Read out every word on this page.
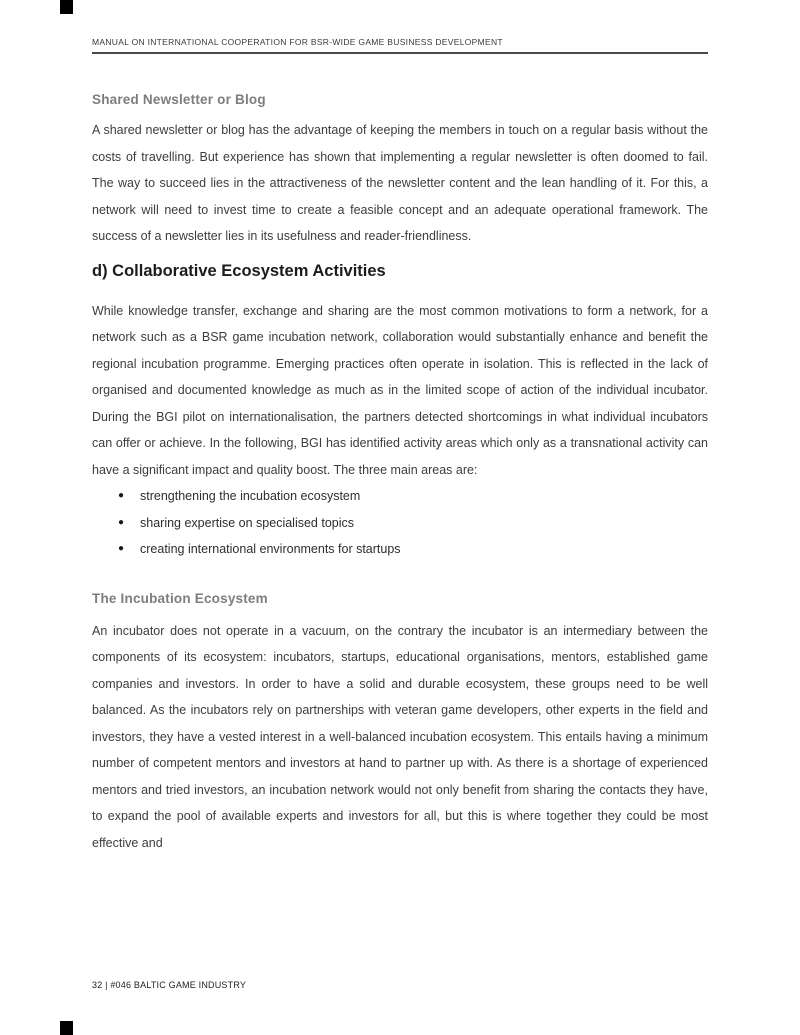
MANUAL ON INTERNATIONAL COOPERATION FOR BSR-WIDE GAME BUSINESS DEVELOPMENT
Shared Newsletter or Blog

A shared newsletter or blog has the advantage of keeping the members in touch on a regular basis without the costs of travelling. But experience has shown that implementing a regular newsletter is often doomed to fail. The way to succeed lies in the attractiveness of the newsletter content and the lean handling of it. For this, a network will need to invest time to create a feasible concept and an adequate operational framework. The success of a newsletter lies in its usefulness and reader-friendliness.

d) Collaborative Ecosystem Activities

While knowledge transfer, exchange and sharing are the most common motivations to form a network, for a network such as a BSR game incubation network, collaboration would substantially enhance and benefit the regional incubation programme. Emerging practices often operate in isolation. This is reflected in the lack of organised and documented knowledge as much as in the limited scope of action of the individual incubator. During the BGI pilot on internationalisation, the partners detected shortcomings in what individual incubators can offer or achieve. In the following, BGI has identified activity areas which only as a transnational activity can have a significant impact and quality boost. The three main areas are:

●	strengthening the incubation ecosystem
●	sharing expertise on specialised topics
●	creating international environments for startups
The Incubation Ecosystem

An incubator does not operate in a vacuum, on the contrary the incubator is an intermediary between the components of its ecosystem: incubators, startups, educational organisations, mentors, established game companies and investors. In order to have a solid and durable ecosystem, these groups need to be well balanced. As the incubators rely on partnerships with veteran game developers, other experts in the field and investors, they have a vested interest in a well-balanced incubation ecosystem. This entails having a minimum number of competent mentors and investors at hand to partner up with. As there is a shortage of experienced mentors and tried investors, an incubation network would not only benefit from sharing the contacts they have, to expand the pool of available experts and investors for all, but this is where together they could be most effective and

32 | #046 BALTIC GAME INDUSTRY
